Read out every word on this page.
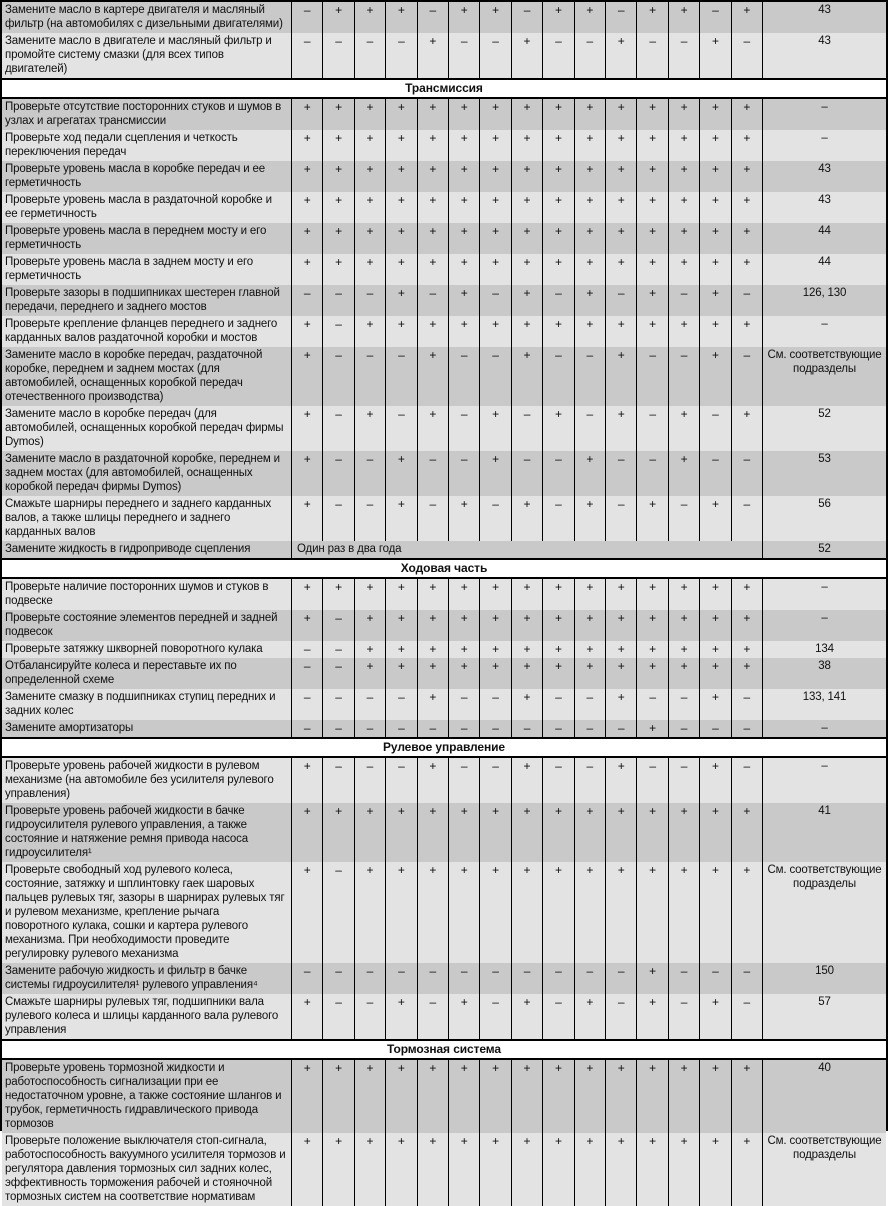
Замените масло в картере двигателя и масляный фильтр (на автомобилях с дизельными двигателями)
–	+	+	+	–	+	+	–	+	+	–	+	+	–	+	43
Замените масло в двигателе и масляный фильтр и промойте систему смазки (для всех типов двигателей)
–	–	–	–	+	–	–	+	–	–	+	–	–	+	–	43
Трансмиссия
Проверьте отсутствие посторонних стуков и шумов в узлах и агрегатах трансмиссии
+	+	+	+	+	+	+	+	+	+	+	+	+	+	+	–
Проверьте ход педали сцепления и четкость переключения передач
+	+	+	+	+	+	+	+	+	+	+	+	+	+	+	–
Проверьте уровень масла в коробке передач и ее герметичность
+	+	+	+	+	+	+	+	+	+	+	+	+	+	+	43
Проверьте уровень масла в раздаточной коробке и ее герметичность
+	+	+	+	+	+	+	+	+	+	+	+	+	+	+	43
Проверьте уровень масла в переднем мосту и его герметичность
+	+	+	+	+	+	+	+	+	+	+	+	+	+	+	44
Проверьте уровень масла в заднем мосту и его герметичность
+	+	+	+	+	+	+	+	+	+	+	+	+	+	+	44
Проверьте зазоры в подшипниках шестерен главной передачи, переднего и заднего мостов
–	–	–	+	–	+	–	+	–	+	–	+	–	+	–	126, 130
Проверьте крепление фланцев переднего и заднего карданных валов раздаточной коробки и мостов
+	–	+	+	+	+	+	+	+	+	+	+	+	+	+	–
Замените масло в коробке передач, раздаточной коробке, переднем и заднем мостах (для автомобилей, оснащенных коробкой передач отечественного производства)
+	–	–	–	+	–	–	+	–	–	+	–	–	+	–	См. соответствующие подразделы
Замените масло в коробке передач (для автомобилей, оснащенных коробкой передач фирмы Dymos)
+	–	+	–	+	–	+	–	+	–	+	–	+	–	+	52
Замените масло в раздаточной коробке, переднем и заднем мостах (для автомобилей, оснащенных коробкой передач фирмы Dymos)
+	–	–	+	–	–	+	–	–	+	–	–	+	–	–	53
Смажьте шарниры переднего и заднего карданных валов, а также шлицы переднего и заднего карданных валов
+	–	–	+	–	+	–	+	–	+	–	+	–	+	–	56
Замените жидкость в гидроприводе сцепления	Один раз в два года	52
Ходовая часть
Проверьте наличие посторонних шумов и стуков в подвеске
+	+	+	+	+	+	+	+	+	+	+	+	+	+	+	–
Проверьте состояние элементов передней и задней подвесок
+	–	+	+	+	+	+	+	+	+	+	+	+	+	+	–
Проверьте затяжку шкворней поворотного кулака	–	–	+	+	+	+	+	+	+	+	+	+	+	+	+	134
Отбалансируйте колеса и переставьте их по определенной схеме
–	–	+	+	+	+	+	+	+	+	+	+	+	+	+	38
Замените смазку в подшипниках ступиц передних и задних колес
–	–	–	–	+	–	–	+	–	–	+	–	–	+	–	133, 141
Замените амортизаторы	–	–	–	–	–	–	–	–	–	–	–	+	–	–	–	–
Рулевое управление
Проверьте уровень рабочей жидкости в рулевом механизме (на автомобиле без усилителя рулевого управления)
+	–	–	–	+	–	–	+	–	–	+	–	–	+	–	–
Проверьте уровень рабочей жидкости в бачке гидроусилителя рулевого управления, а также состояние и натяжение ремня привода насоса гидроусилителя¹
+	+	+	+	+	+	+	+	+	+	+	+	+	+	+	41
Проверьте свободный ход рулевого колеса, состояние, затяжку и шплинтовку гаек шаровых пальцев рулевых тяг, зазоры в шарнирах рулевых тяг и рулевом механизме, крепление рычага поворотного кулака, сошки и картера рулевого механизма. При необходимости проведите регулировку рулевого механизма
+	–	+	+	+	+	+	+	+	+	+	+	+	+	+	См. соответствующие подразделы
Замените рабочую жидкость и фильтр в бачке системы гидроусилителя¹ рулевого управления⁴
–	–	–	–	–	–	–	–	–	–	–	+	–	–	–	150
Смажьте шарниры рулевых тяг, подшипники вала рулевого колеса и шлицы карданного вала рулевого управления
+	–	–	+	–	+	–	+	–	+	–	+	–	+	–	57
Тормозная система
Проверьте уровень тормозной жидкости и работоспособность сигнализации при ее недостаточном уровне, а также состояние шлангов и трубок, герметичность гидравлического привода тормозов
+	+	+	+	+	+	+	+	+	+	+	+	+	+	+	40
Проверьте положение выключателя стоп-сигнала, работоспособность вакуумного усилителя тормозов и регулятора давления тормозных сил задних колес, эффективность торможения рабочей и стояночной тормозных систем на соответствие нормативам
+	+	+	+	+	+	+	+	+	+	+	+	+	+	+	См. соответствующие подразделы
